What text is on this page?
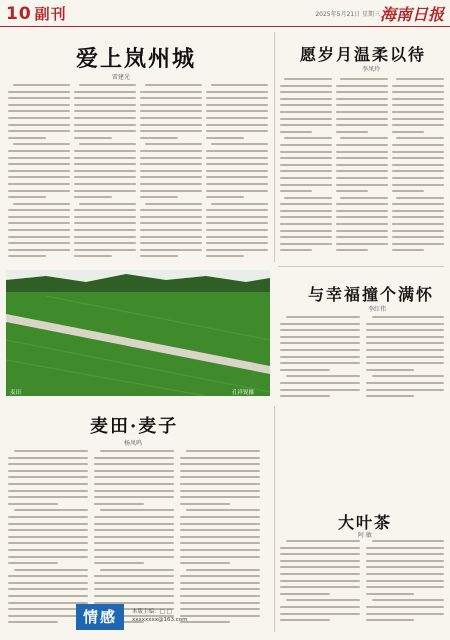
10 副刊	2025年5月21日 星期三 海南日报
爱上岚州城
雷建光
愿岁月温柔以待
李凤玲
与幸福撞个满怀
李红伟
麦田	孔祥锐摄
麦田·麦子
杨凤鸣
大叶茶
阿 敏
情感	本版主编：□ □
xxxxxxxx@163.com
